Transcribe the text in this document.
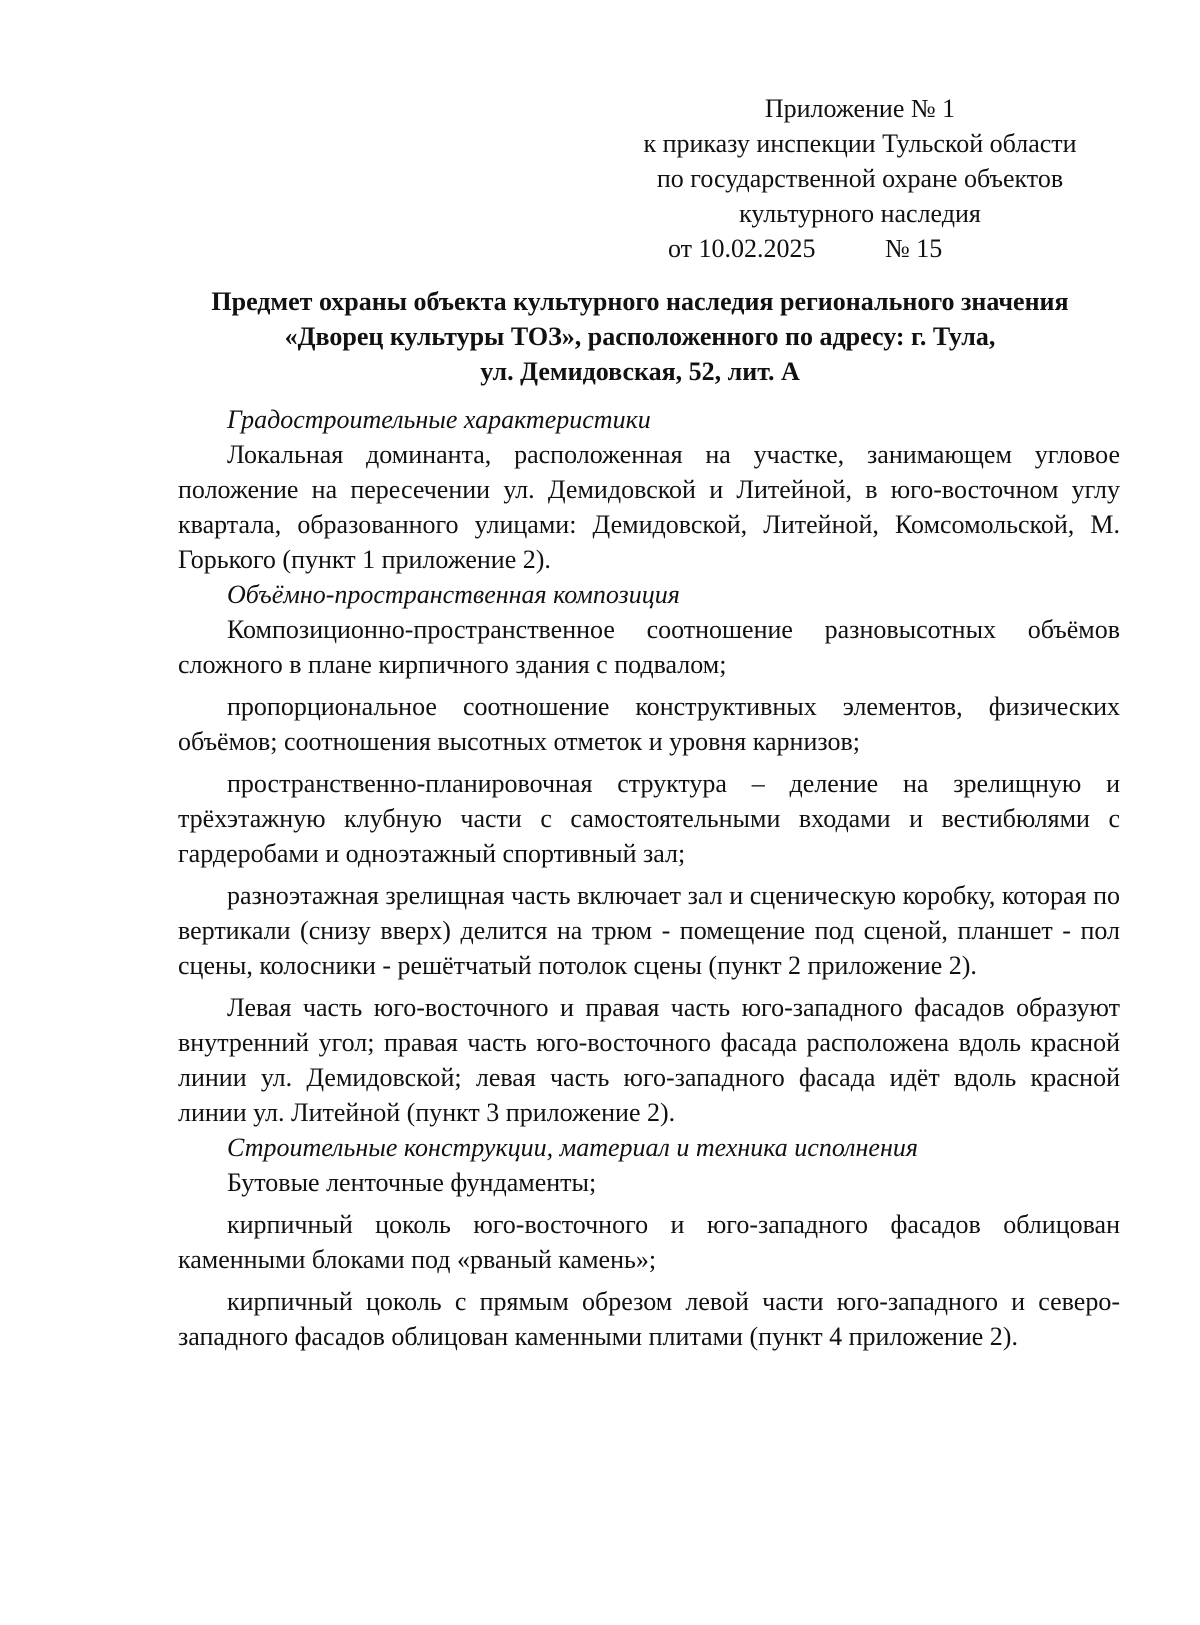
Приложение № 1
к приказу инспекции Тульской области
по государственной охране объектов
культурного наследия
от 10.02.2025	№ 15
Предмет охраны объекта культурного наследия регионального значения
«Дворец культуры ТОЗ», расположенного по адресу: г. Тула,
ул. Демидовская, 52, лит. А

Градостроительные характеристики

Локальная доминанта, расположенная на участке, занимающем угловое положение на пересечении ул. Демидовской и Литейной, в юго-восточном углу квартала, образованного улицами: Демидовской, Литейной, Комсомольской, М. Горького (пункт 1 приложение 2).

Объёмно-пространственная композиция

Композиционно-пространственное соотношение разновысотных объёмов сложного в плане кирпичного здания с подвалом;

пропорциональное соотношение конструктивных элементов, физических объёмов; соотношения высотных отметок и уровня карнизов;

пространственно-планировочная структура – деление на зрелищную и трёхэтажную клубную части с самостоятельными входами и вестибюлями с гардеробами и одноэтажный спортивный зал;

разноэтажная зрелищная часть включает зал и сценическую коробку, которая по вертикали (снизу вверх) делится на трюм - помещение под сценой, планшет - пол сцены, колосники - решётчатый потолок сцены (пункт 2 приложение 2).

Левая часть юго-восточного и правая часть юго-западного фасадов образуют внутренний угол; правая часть юго-восточного фасада расположена вдоль красной линии ул. Демидовской; левая часть юго-западного фасада идёт вдоль красной линии ул. Литейной (пункт 3 приложение 2).

Строительные конструкции, материал и техника исполнения

Бутовые ленточные фундаменты;

кирпичный цоколь юго-восточного и юго-западного фасадов облицован каменными блоками под «рваный камень»;

кирпичный цоколь с прямым обрезом левой части юго-западного и северо-западного фасадов облицован каменными плитами (пункт 4 приложение 2).
